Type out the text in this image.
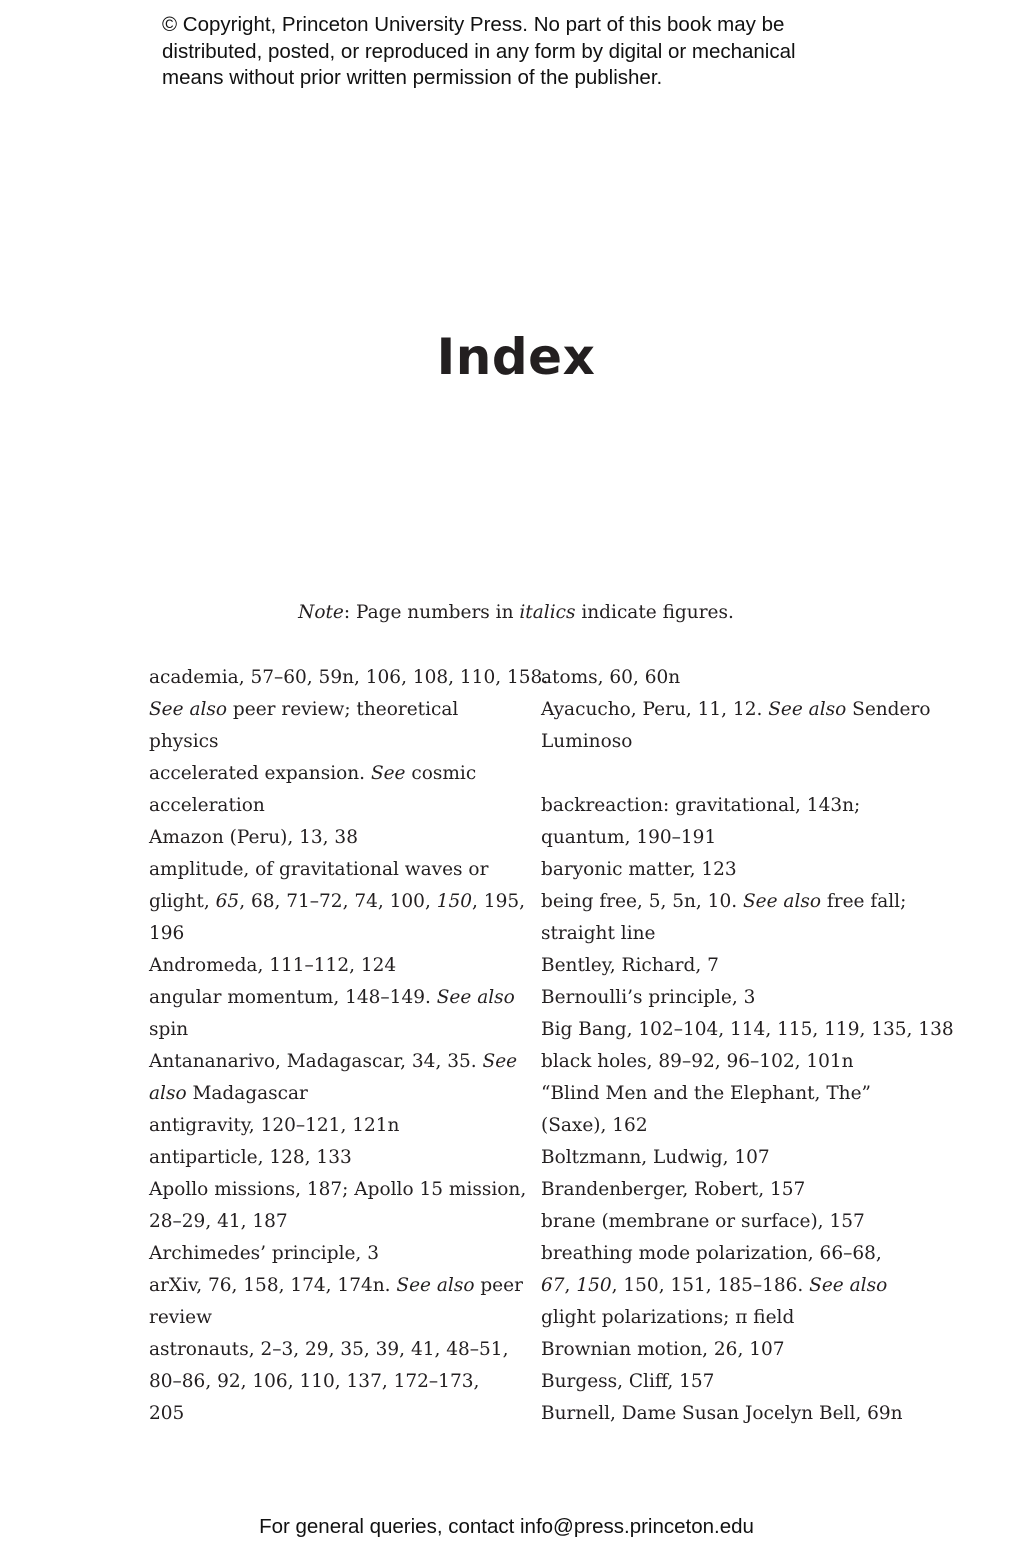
© Copyright, Princeton University Press. No part of this book may be
distributed, posted, or reproduced in any form by digital or mechanical
means without prior written permission of the publisher.
Index
Note: Page numbers in italics indicate figures.
academia, 57–60, 59n, 106, 108, 110, 158.
See also peer review; theoretical
physics
accelerated expansion. See cosmic
acceleration
Amazon (Peru), 13, 38
amplitude, of gravitational waves or
glight, 65, 68, 71–72, 74, 100, 150, 195,
196
Andromeda, 111–112, 124
angular momentum, 148–149. See also
spin
Antananarivo, Madagascar, 34, 35. See
also Madagascar
antigravity, 120–121, 121n
antiparticle, 128, 133
Apollo missions, 187; Apollo 15 mission,
28–29, 41, 187
Archimedes’ principle, 3
arXiv, 76, 158, 174, 174n. See also peer
review
astronauts, 2–3, 29, 35, 39, 41, 48–51,
80–86, 92, 106, 110, 137, 172–173,
205
atoms, 60, 60n
Ayacucho, Peru, 11, 12. See also Sendero
Luminoso
backreaction: gravitational, 143n;
quantum, 190–191
baryonic matter, 123
being free, 5, 5n, 10. See also free fall;
straight line
Bentley, Richard, 7
Bernoulli’s principle, 3
Big Bang, 102–104, 114, 115, 119, 135, 138
black holes, 89–92, 96–102, 101n
“Blind Men and the Elephant, The”
(Saxe), 162
Boltzmann, Ludwig, 107
Brandenberger, Robert, 157
brane (membrane or surface), 157
breathing mode polarization, 66–68,
67, 150, 150, 151, 185–186. See also
glight polarizations; π field
Brownian motion, 26, 107
Burgess, Cliff, 157
Burnell, Dame Susan Jocelyn Bell, 69n
For general queries, contact info@press.princeton.edu
